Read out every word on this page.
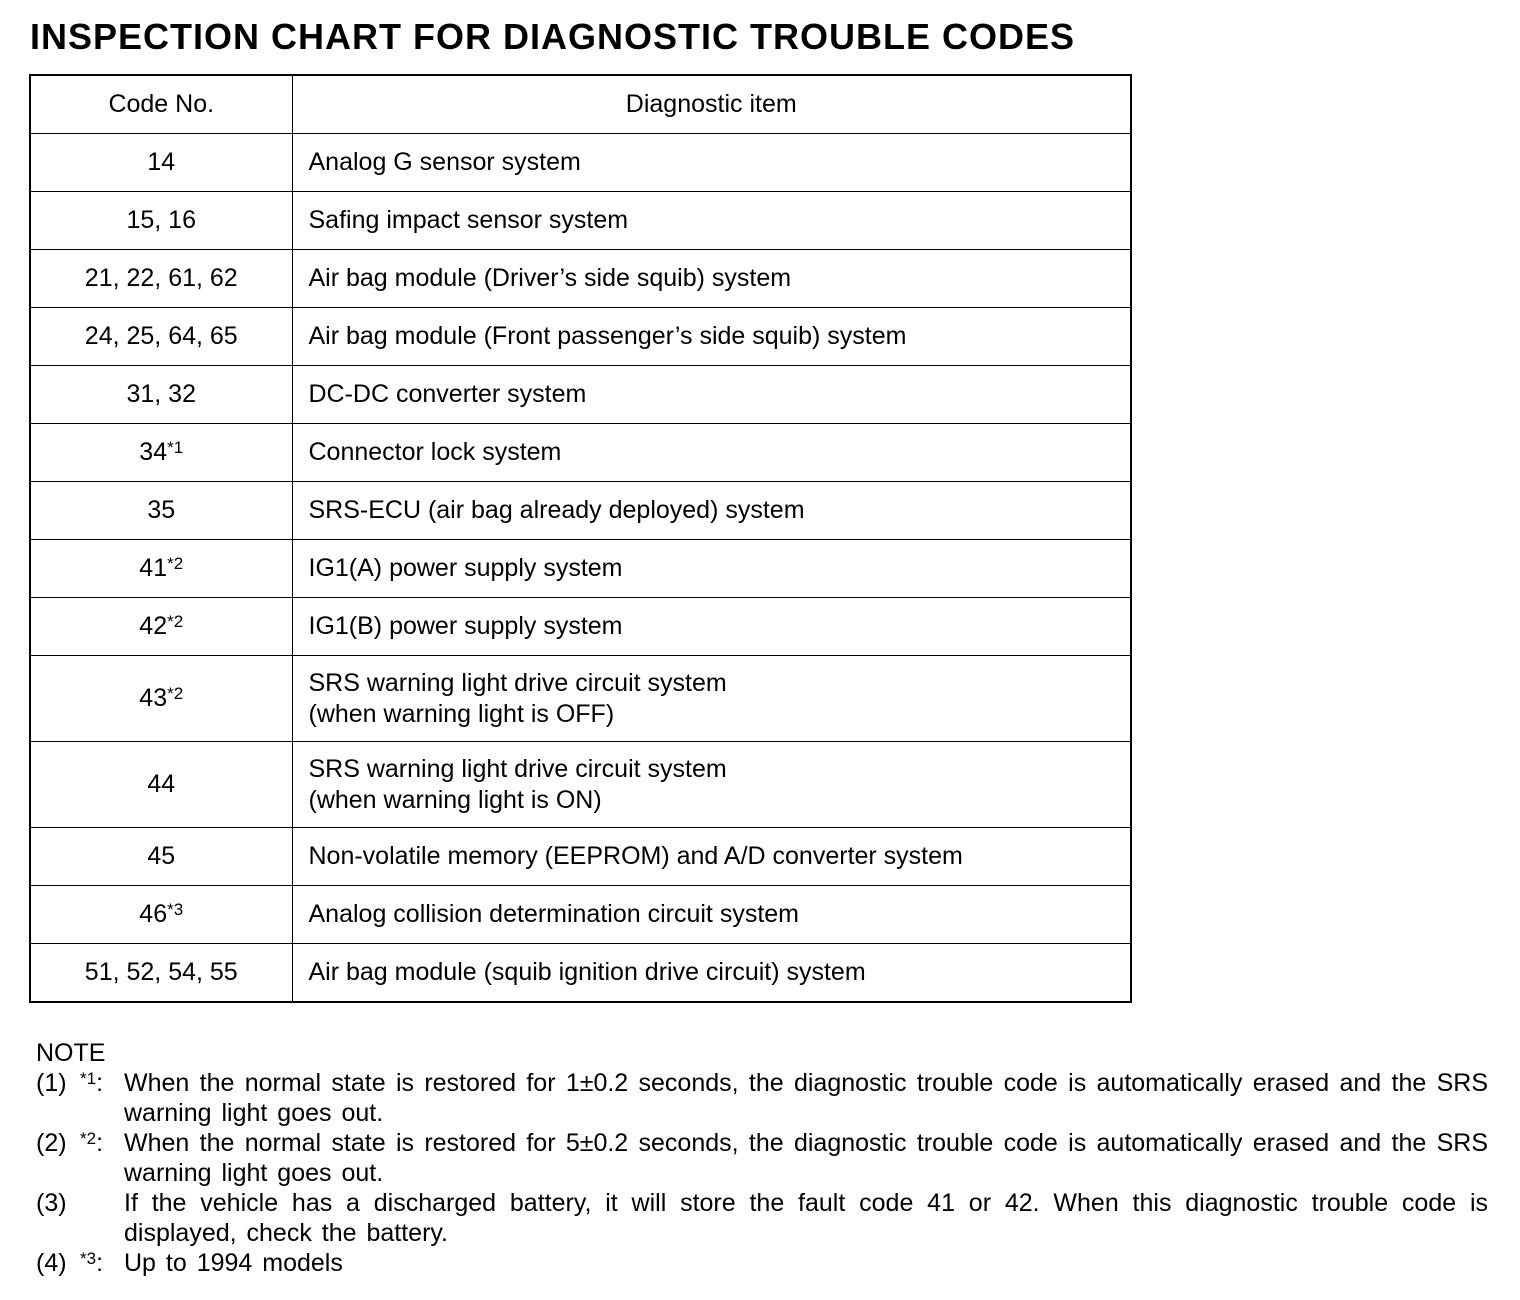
INSPECTION CHART FOR DIAGNOSTIC TROUBLE CODES
Code No.	Diagnostic item
14	Analog G sensor system
15, 16	Safing impact sensor system
21, 22, 61, 62	Air bag module (Driver’s side squib) system
24, 25, 64, 65	Air bag module (Front passenger’s side squib) system
31, 32	DC-DC converter system
34$^{*1}$	Connector lock system
35	SRS-ECU (air bag already deployed) system
41$^{*2}$	IG1(A) power supply system
42$^{*2}$	IG1(B) power supply system
43$^{*2}$	SRS warning light drive circuit system
(when warning light is OFF)

44	SRS warning light drive circuit system
(when warning light is ON)

45	Non-volatile memory (EEPROM) and A/D converter system
46$^{*3}$	Analog collision determination circuit system
51, 52, 54, 55	Air bag module (squib ignition drive circuit) system
NOTE
(1) $^{*1}$: When the normal state is restored for 1±0.2 seconds, the diagnostic trouble code is automatically erased and the SRS warning light goes out.
(2) $^{*2}$: When the normal state is restored for 5±0.2 seconds, the diagnostic trouble code is automatically erased and the SRS warning light goes out.
(3)	If the vehicle has a discharged battery, it will store the fault code 41 or 42. When this diagnostic trouble code is displayed, check the battery.
(4) $^{*3}$: Up to 1994 models
